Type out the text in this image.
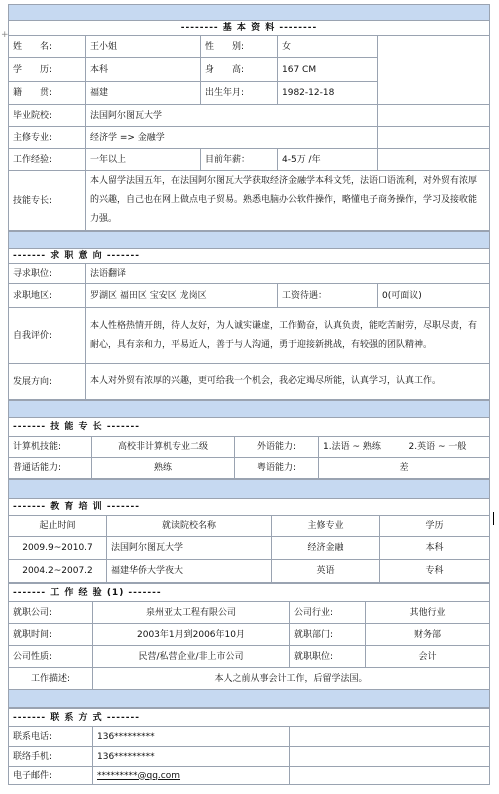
+

-------- 基 本 资 料 --------				
姓　　名:	王小姐	性　　别:	女	
学　　历:	本科	身　　高:	167 CM	
籍　　贯:	福建	出生年月:	1982-12-18	
毕业院校:	法国阿尔图瓦大学			
主修专业:	经济学 => 金融学			
工作经验:	一年以上	目前年薪：	4-5万 /年	
技能专长:	本人留学法国五年，在法国阿尔图瓦大学获取经济金融学本科文凭，法语口语流利，对外贸有浓厚的兴趣，自己也在网上做点电子贸易。熟悉电脑办公软件操作，略懂电子商务操作，学习及接收能力强。			

------- 求 职 意 向 -------			
寻求职位:	法语翻译		
求职地区:	罗湖区 福田区 宝安区 龙岗区	工资待遇：	0(可面议)
自我评价:	本人性格热情开朗，待人友好，为人诚实谦虚，工作勤奋，认真负责，能吃苦耐劳，尽职尽责，有耐心，具有亲和力，平易近人，善于与人沟通，勇于迎接新挑战，有较强的团队精神。		
发展方向:	本人对外贸有浓厚的兴趣，更可给我一个机会，我必定竭尽所能，认真学习，认真工作。		

------- 技 能 专 长 -------				
计算机技能:	高校非计算机专业二级	外语能力:	1.法语 ~ 熟练	2.英语 ~ 一般
普通话能力:	熟练	粤语能力:	差	

------- 教 育 培 训 -------			
起止时间	就读院校名称	主修专业	学历
2009.9~2010.7	法国阿尔图瓦大学	经济金融	本科
2004.2~2007.2	福建华侨大学夜大	英语	专科
------- 工 作 经 验 (1) -------			
就职公司:	泉州亚太工程有限公司	公司行业:	其他行业
就职时间:	2003年1月到2006年10月	就职部门:	财务部
公司性质:	民营/私营企业/非上市公司	就职职位:	会计
工作描述:	本人之前从事会计工作，后留学法国。		

------- 联 系 方 式 -------		
联系电话:	136*********	
联络手机:	136*********	
电子邮件:	*********@qq.com	
